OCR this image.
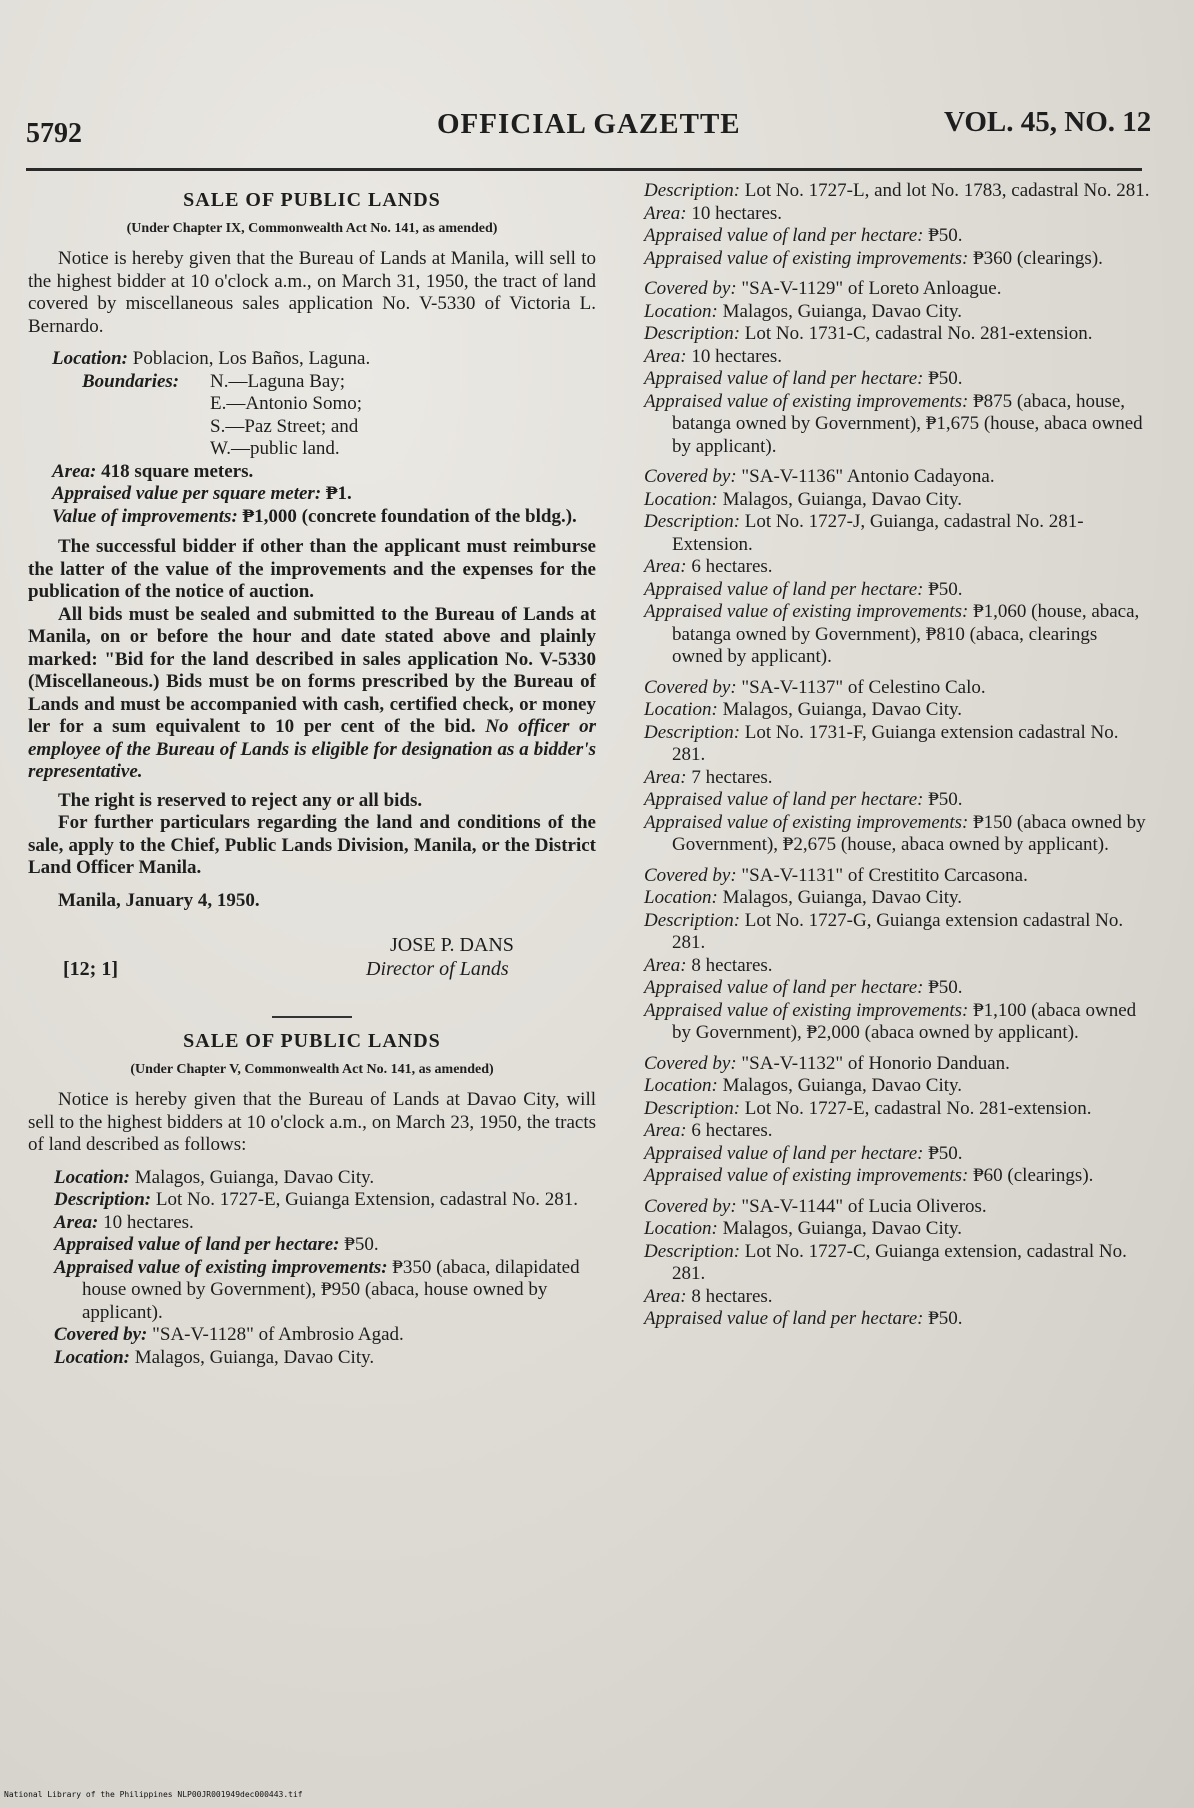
5792	OFFICIAL GAZETTE	VOL. 45, NO. 12
SALE OF PUBLIC LANDS
(Under Chapter IX, Commonwealth Act No. 141, as amended)

Notice is hereby given that the Bureau of Lands at Manila, will sell to the highest bidder at 10 o'clock a.m., on March 31, 1950, the tract of land covered by miscellaneous sales application No. V-5330 of Victoria L. Bernardo.

Location: Poblacion, Los Baños, Laguna.

Boundaries: N.—Laguna Bay;
E.—Antonio Somo;
S.—Paz Street; and
W.—public land.

Area: 418 square meters.

Appraised value per square meter: ₱1.

Value of improvements: ₱1,000 (concrete foundation of the bldg.).

The successful bidder if other than the applicant must reimburse the latter of the value of the improvements and the expenses for the publication of the notice of auction.

All bids must be sealed and submitted to the Bureau of Lands at Manila, on or before the hour and date stated above and plainly marked: "Bid for the land described in sales application No. V-5330 (Miscellaneous.) Bids must be on forms prescribed by the Bureau of Lands and must be accompanied with cash, certified check, or money ler for a sum equivalent to 10 per cent of the bid. No officer or employee of the Bureau of Lands is eligible for designation as a bidder's representative.

The right is reserved to reject any or all bids.

For further particulars regarding the land and conditions of the sale, apply to the Chief, Public Lands Division, Manila, or the District Land Officer Manila.

Manila, January 4, 1950.

JOSE P. DANS
Director of Lands
[12; 1]
SALE OF PUBLIC LANDS
(Under Chapter V, Commonwealth Act No. 141, as amended)

Notice is hereby given that the Bureau of Lands at Davao City, will sell to the highest bidders at 10 o'clock a.m., on March 23, 1950, the tracts of land described as follows:

Location: Malagos, Guianga, Davao City.

Description: Lot No. 1727-E, Guianga Extension, cadastral No. 281.

Area: 10 hectares.

Appraised value of land per hectare: ₱50.

Appraised value of existing improvements: ₱350 (abaca, dilapidated house owned by Government), ₱950 (abaca, house owned by applicant).

Covered by: "SA-V-1128" of Ambrosio Agad.

Location: Malagos, Guianga, Davao City.

Description: Lot No. 1727-L, and lot No. 1783, cadastral No. 281.

Area: 10 hectares.

Appraised value of land per hectare: ₱50.

Appraised value of existing improvements: ₱360 (clearings).

Covered by: "SA-V-1129" of Loreto Anloague.

Location: Malagos, Guianga, Davao City.

Description: Lot No. 1731-C, cadastral No. 281-extension.

Area: 10 hectares.

Appraised value of land per hectare: ₱50.

Appraised value of existing improvements: ₱875 (abaca, house, batanga owned by Government), ₱1,675 (house, abaca owned by applicant).

Covered by: "SA-V-1136" Antonio Cadayona.

Location: Malagos, Guianga, Davao City.

Description: Lot No. 1727-J, Guianga, cadastral No. 281-Extension.

Area: 6 hectares.

Appraised value of land per hectare: ₱50.

Appraised value of existing improvements: ₱1,060 (house, abaca, batanga owned by Government), ₱810 (abaca, clearings owned by applicant).

Covered by: "SA-V-1137" of Celestino Calo.

Location: Malagos, Guianga, Davao City.

Description: Lot No. 1731-F, Guianga extension cadastral No. 281.

Area: 7 hectares.

Appraised value of land per hectare: ₱50.

Appraised value of existing improvements: ₱150 (abaca owned by Government), ₱2,675 (house, abaca owned by applicant).

Covered by: "SA-V-1131" of Crestitito Carcasona.

Location: Malagos, Guianga, Davao City.

Description: Lot No. 1727-G, Guianga extension cadastral No. 281.

Area: 8 hectares.

Appraised value of land per hectare: ₱50.

Appraised value of existing improvements: ₱1,100 (abaca owned by Government), ₱2,000 (abaca owned by applicant).

Covered by: "SA-V-1132" of Honorio Danduan.

Location: Malagos, Guianga, Davao City.

Description: Lot No. 1727-E, cadastral No. 281-extension.

Area: 6 hectares.

Appraised value of land per hectare: ₱50.

Appraised value of existing improvements: ₱60 (clearings).

Covered by: "SA-V-1144" of Lucia Oliveros.

Location: Malagos, Guianga, Davao City.

Description: Lot No. 1727-C, Guianga extension, cadastral No. 281.

Area: 8 hectares.

Appraised value of land per hectare: ₱50.

National Library of the Philippines NLP00JR001949dec000443.tif
